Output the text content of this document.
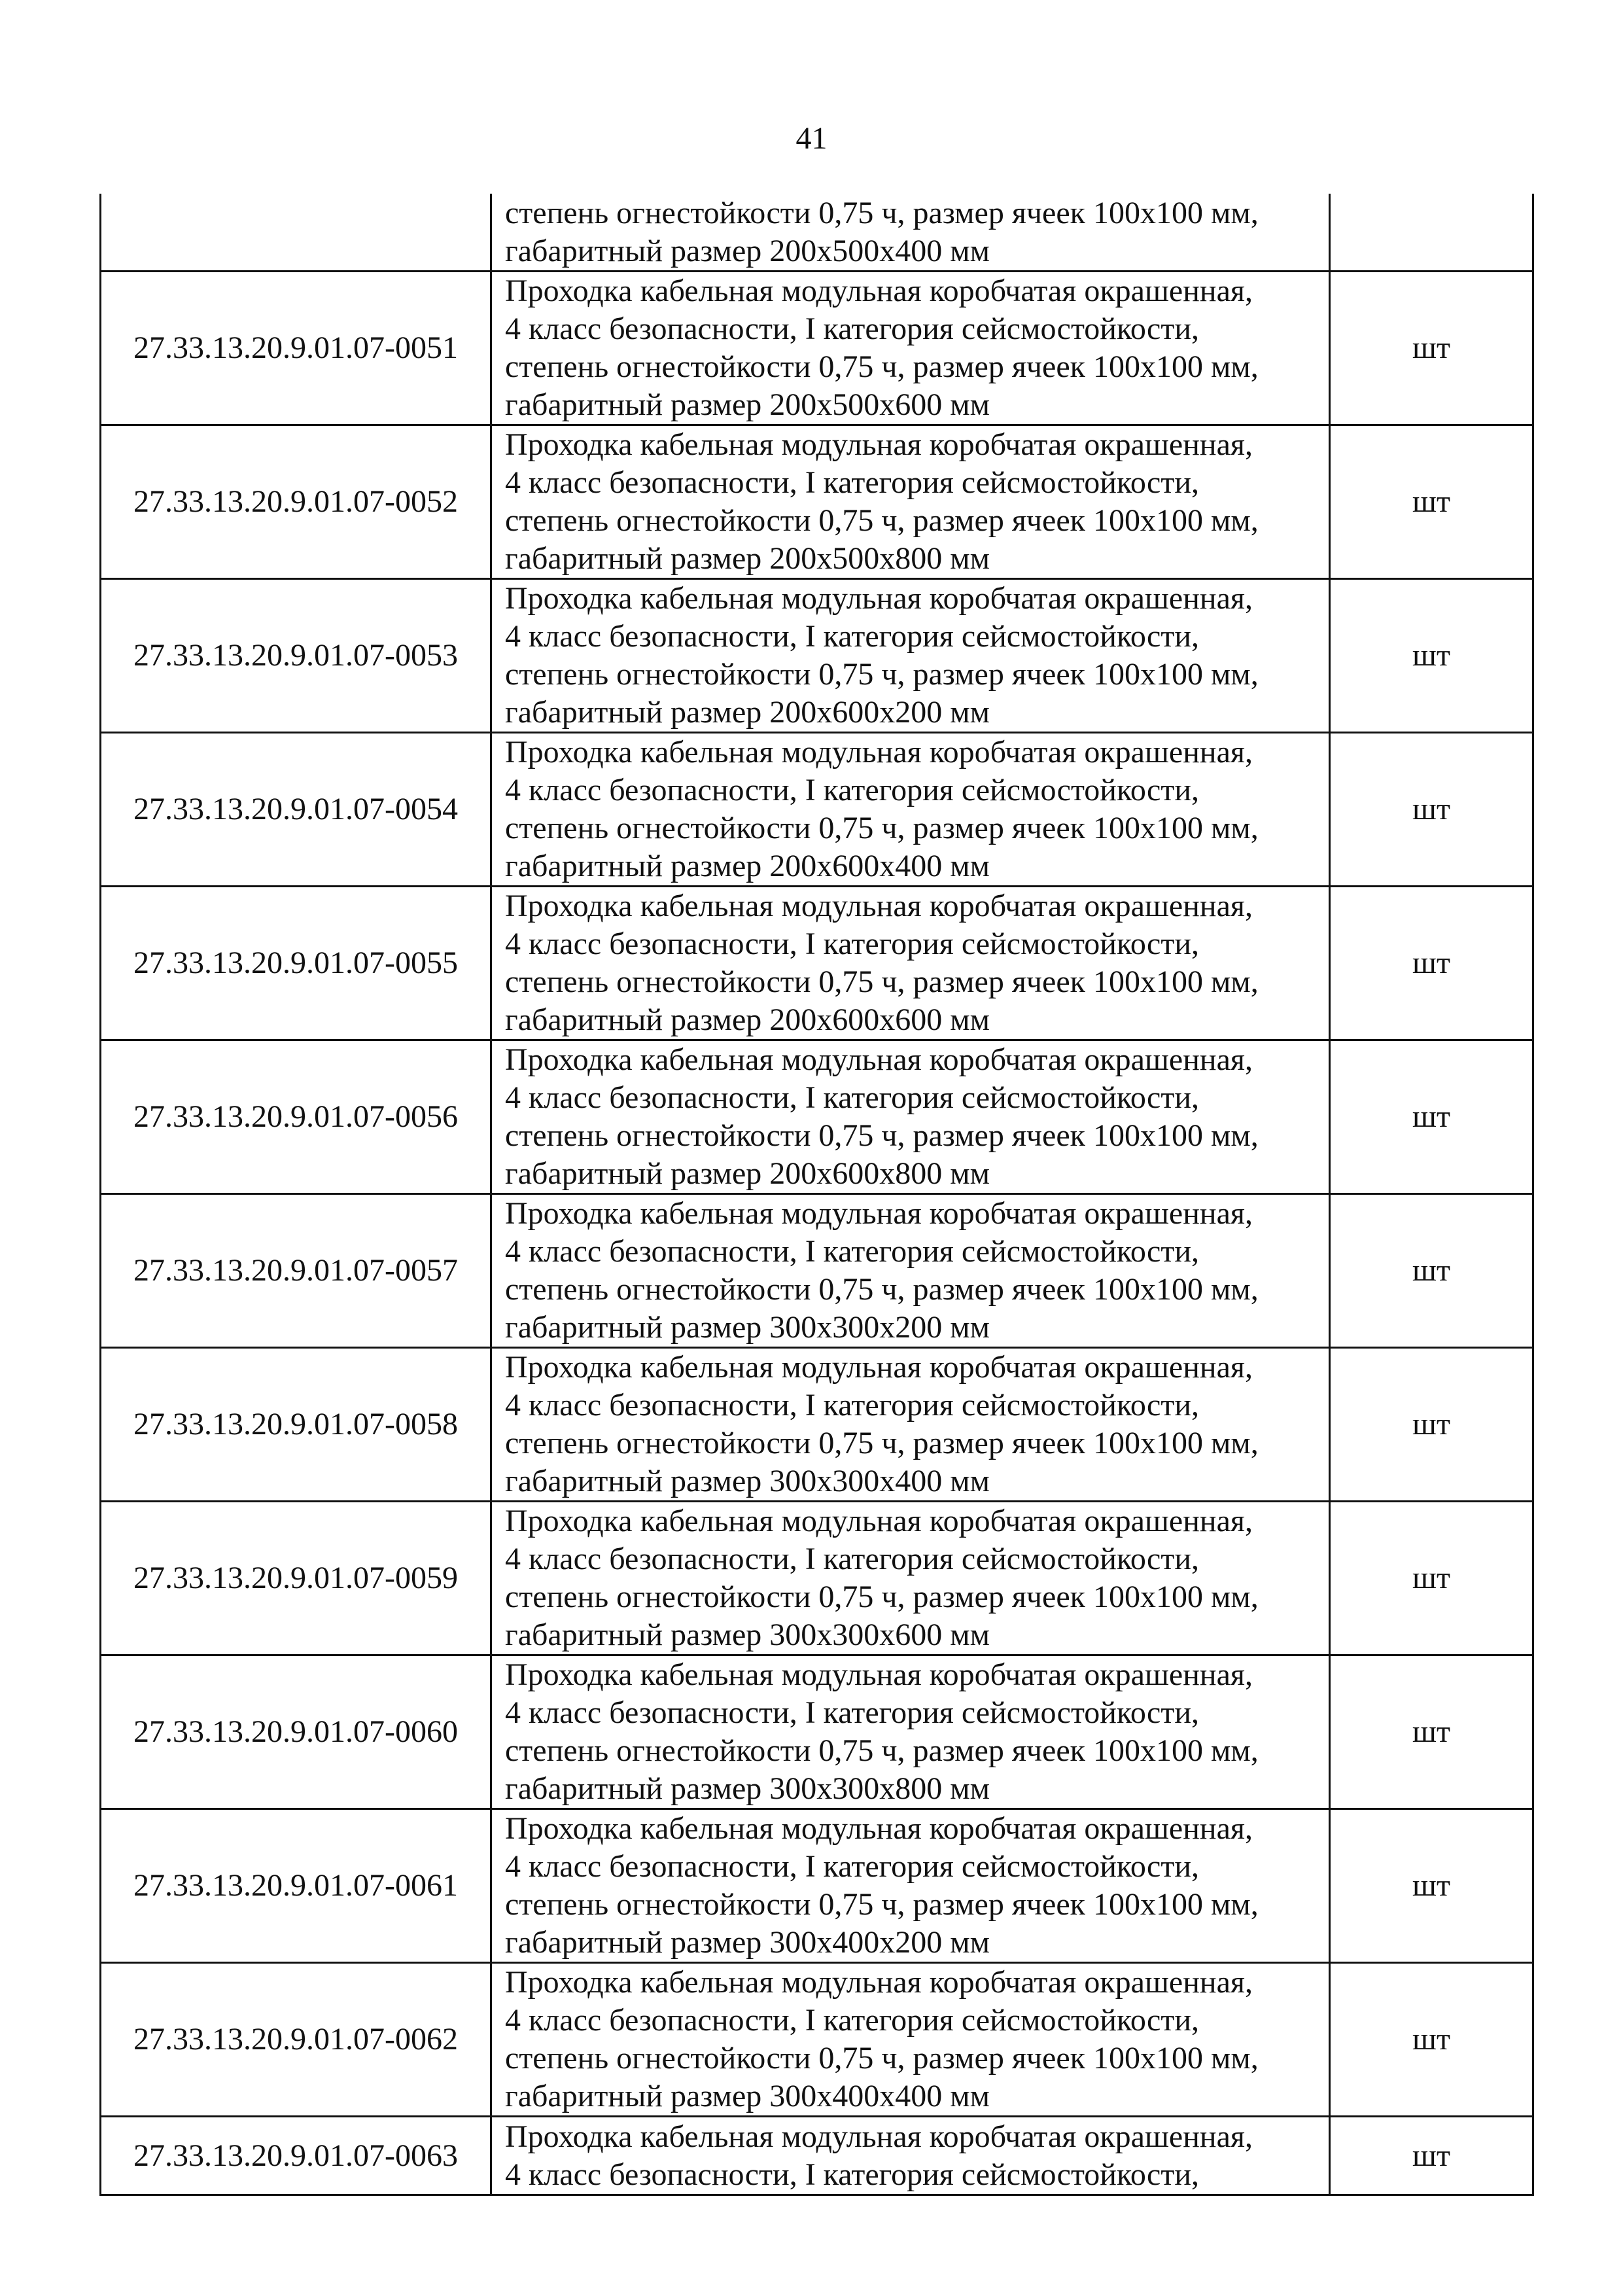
41

	степень огнестойкости 0,75 ч, размер ячеек 100х100 мм,
габаритный размер 200х500х400 мм	

27.33.13.20.9.01.07-0051	Проходка кабельная модульная коробчатая окрашенная,
4 класс безопасности, I категория сейсмостойкости,
степень огнестойкости 0,75 ч, размер ячеек 100х100 мм,
габаритный размер 200х500х600 мм	шт
27.33.13.20.9.01.07-0052	Проходка кабельная модульная коробчатая окрашенная,
4 класс безопасности, I категория сейсмостойкости,
степень огнестойкости 0,75 ч, размер ячеек 100х100 мм,
габаритный размер 200х500х800 мм	шт
27.33.13.20.9.01.07-0053	Проходка кабельная модульная коробчатая окрашенная,
4 класс безопасности, I категория сейсмостойкости,
степень огнестойкости 0,75 ч, размер ячеек 100х100 мм,
габаритный размер 200х600х200 мм	шт
27.33.13.20.9.01.07-0054	Проходка кабельная модульная коробчатая окрашенная,
4 класс безопасности, I категория сейсмостойкости,
степень огнестойкости 0,75 ч, размер ячеек 100х100 мм,
габаритный размер 200х600х400 мм	шт
27.33.13.20.9.01.07-0055	Проходка кабельная модульная коробчатая окрашенная,
4 класс безопасности, I категория сейсмостойкости,
степень огнестойкости 0,75 ч, размер ячеек 100х100 мм,
габаритный размер 200х600х600 мм	шт
27.33.13.20.9.01.07-0056	Проходка кабельная модульная коробчатая окрашенная,
4 класс безопасности, I категория сейсмостойкости,
степень огнестойкости 0,75 ч, размер ячеек 100х100 мм,
габаритный размер 200х600х800 мм	шт
27.33.13.20.9.01.07-0057	Проходка кабельная модульная коробчатая окрашенная,
4 класс безопасности, I категория сейсмостойкости,
степень огнестойкости 0,75 ч, размер ячеек 100х100 мм,
габаритный размер 300х300х200 мм	шт
27.33.13.20.9.01.07-0058	Проходка кабельная модульная коробчатая окрашенная,
4 класс безопасности, I категория сейсмостойкости,
степень огнестойкости 0,75 ч, размер ячеек 100х100 мм,
габаритный размер 300х300х400 мм	шт
27.33.13.20.9.01.07-0059	Проходка кабельная модульная коробчатая окрашенная,
4 класс безопасности, I категория сейсмостойкости,
степень огнестойкости 0,75 ч, размер ячеек 100х100 мм,
габаритный размер 300х300х600 мм	шт
27.33.13.20.9.01.07-0060	Проходка кабельная модульная коробчатая окрашенная,
4 класс безопасности, I категория сейсмостойкости,
степень огнестойкости 0,75 ч, размер ячеек 100х100 мм,
габаритный размер 300х300х800 мм	шт
27.33.13.20.9.01.07-0061	Проходка кабельная модульная коробчатая окрашенная,
4 класс безопасности, I категория сейсмостойкости,
степень огнестойкости 0,75 ч, размер ячеек 100х100 мм,
габаритный размер 300х400х200 мм	шт
27.33.13.20.9.01.07-0062	Проходка кабельная модульная коробчатая окрашенная,
4 класс безопасности, I категория сейсмостойкости,
степень огнестойкости 0,75 ч, размер ячеек 100х100 мм,
габаритный размер 300х400х400 мм	шт
27.33.13.20.9.01.07-0063	Проходка кабельная модульная коробчатая окрашенная,
4 класс безопасности, I категория сейсмостойкости,	шт
